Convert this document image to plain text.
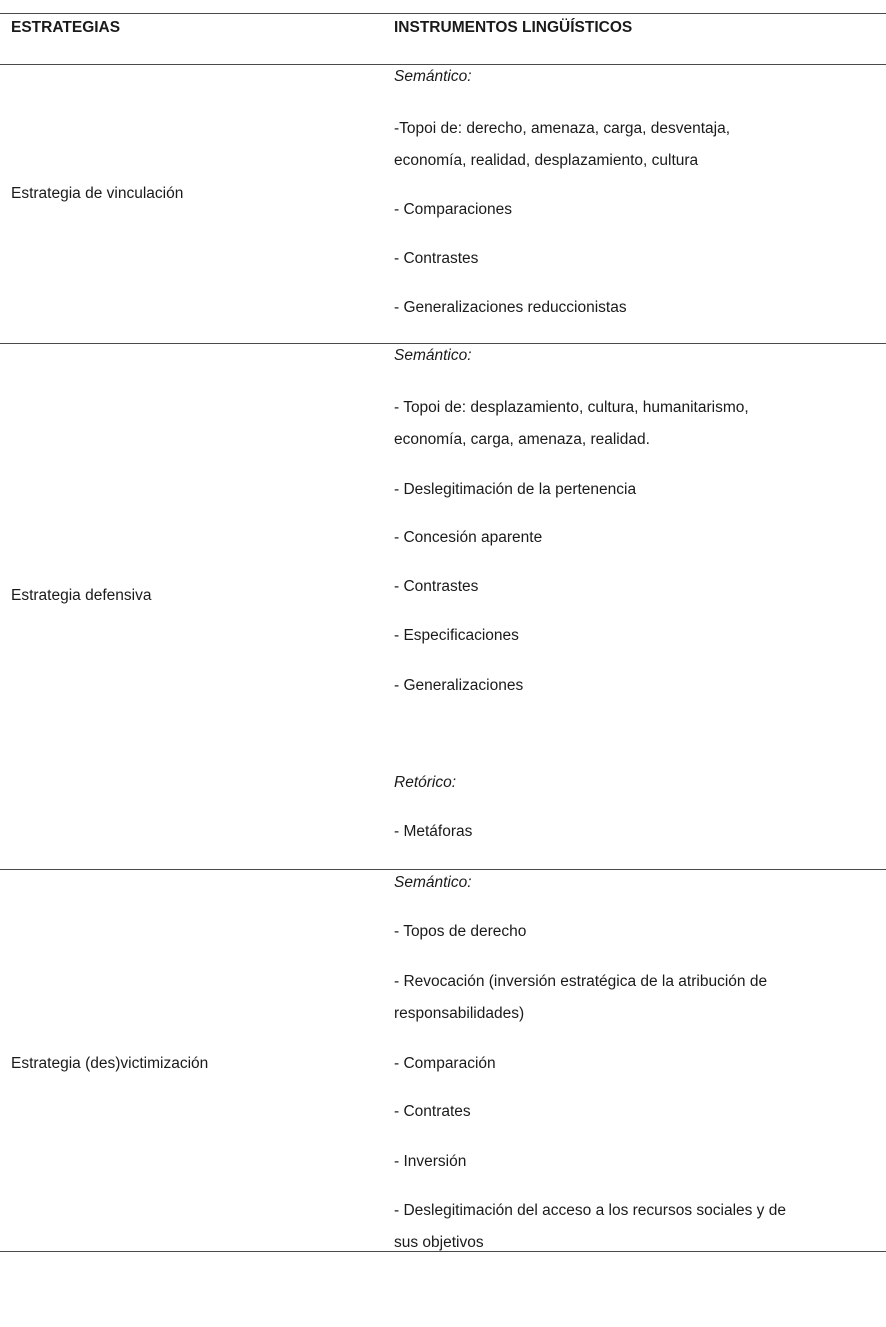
ESTRATEGIAS	INSTRUMENTOS LINGÜÍSTICOS
Estrategia de vinculación
Semántico:
-Topoi de: derecho, amenaza, carga, desventaja,
economía, realidad, desplazamiento, cultura
- Comparaciones
- Contrastes
- Generalizaciones reduccionistas
Estrategia defensiva
Semántico:
- Topoi de: desplazamiento, cultura, humanitarismo,
economía, carga, amenaza, realidad.
- Deslegitimación de la pertenencia
- Concesión aparente
- Contrastes
- Especificaciones
- Generalizaciones
Retórico:
- Metáforas
Estrategia (des)victimización
Semántico:
- Topos de derecho
- Revocación (inversión estratégica de la atribución de
responsabilidades)
- Comparación
- Contrates
- Inversión
- Deslegitimación del acceso a los recursos sociales y de
sus objetivos
